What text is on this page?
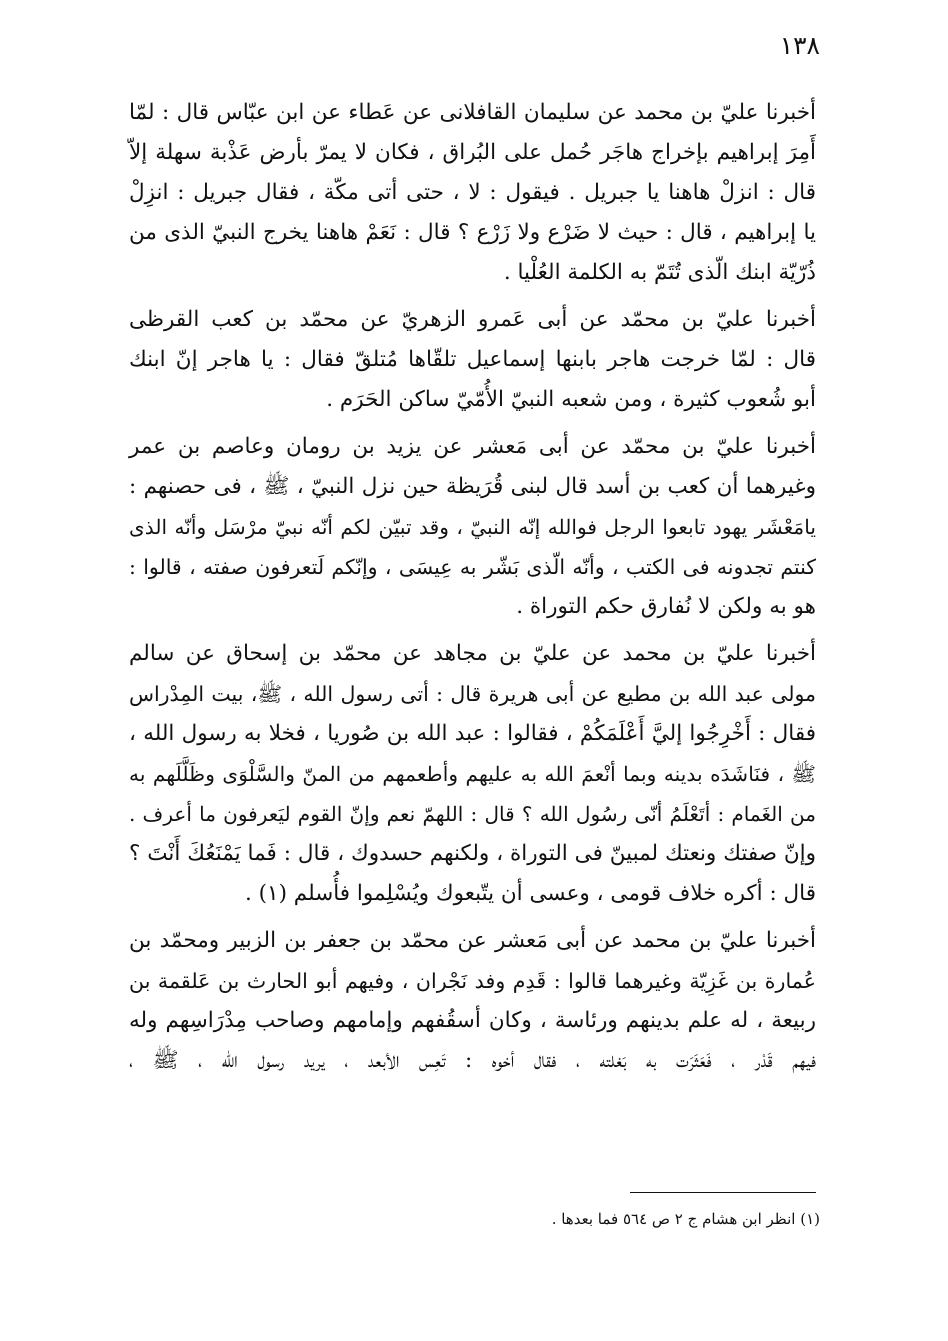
١٣٨
أخبرنا عليّ بن محمد عن سليمان القافلانى عن عَطاء عن ابن عبّاس قال : لمّا
أَمِرَ إبراهيم بإخراج هاجَر حُمل على البُراق ، فكان لا يمرّ بأرض عَذْبة سهلة إلاّ
قال : انزلْ هاهنا يا جبريل . فيقول : لا ، حتى أتى مكّة ، فقال جبريل : انزِلْ
يا إبراهيم ، قال : حيث لا ضَرْع ولا زَرْع ؟ قال : نَعَمْ هاهنا يخرج النبيّ الذى من
ذُرّيّة ابنك الّذى تُتَمّ به الكلمة العُلْيا .
أخبرنا عليّ بن محمّد عن أبى عَمرو الزهريّ عن محمّد بن كعب القرظى
قال : لمّا خرجت هاجر بابنها إسماعيل تلقّاها مُتلقّ فقال : يا هاجر إنّ ابنك
أبو شُعوب كثيرة ، ومن شعبه النبيّ الأُمّيّ ساكن الحَرَم .
أخبرنا عليّ بن محمّد عن أبى مَعشر عن يزيد بن رومان وعاصم بن عمر
وغيرهما أن كعب بن أسد قال لبنى قُرَيظة حين نزل النبيّ ، ﷺ ، فى حصنهم :
يامَعْشَر يهود تابعوا الرجل فوالله إنّه النبيّ ، وقد تبيّن لكم أنّه نبيّ مرْسَل وأنّه الذى
كنتم تجدونه فى الكتب ، وأنّه الّذى بَشّر به عِيسَى ، وإنّكم لَتعرفون صفته ، قالوا :
هو به ولكن لا نُفارق حكم التوراة .
أخبرنا عليّ بن محمد عن عليّ بن مجاهد عن محمّد بن إسحاق عن سالم
مولى عبد الله بن مطيع عن أبى هريرة قال : أتى رسول الله ، ﷺ، بيت المِدْراس
فقال : أَخْرِجُوا إليَّ أَعْلَمَكُمْ ، فقالوا : عبد الله بن صُوريا ، فخلا به رسول الله ،
ﷺ ، فنَاشَدَه بدينه وبما أنْعمَ الله به عليهم وأطعمهم من المنّ والسَّلْوَى وظَلَّلَهم به
من الغَمام : أتَعْلَمُ أنّى رسُول الله ؟ قال : اللهمّ نعم وإنّ القوم ليَعرفون ما أعرف .
وإنّ صفتك ونعتك لمبينّ فى التوراة ، ولكنهم حسدوك ، قال : فَما يَمْنَعُكَ أَنْتَ ؟
قال : أكره خلاف قومى ، وعسى أن يتّبعوك ويُسْلِموا فأُسلم (١) .
أخبرنا عليّ بن محمد عن أبى مَعشر عن محمّد بن جعفر بن الزبير ومحمّد بن
عُمارة بن غَزِيّة وغيرهما قالوا : قَدِم وفد نَجْران ، وفيهم أبو الحارث بن عَلقمة بن
ربيعة ، له علم بدينهم ورئاسة ، وكان أسقُفهم وإمامهم وصاحب مِدْرَاسِهم وله
فيهم قَدْر ، فَعَثَرَت به بَغلته ، فقال أخوه : تَعِس الأبعد ، يريد رسول الله ، ﷺ ،
(١) انظر ابن هشام ج ٢ ص ٥٦٤ فما بعدها .
